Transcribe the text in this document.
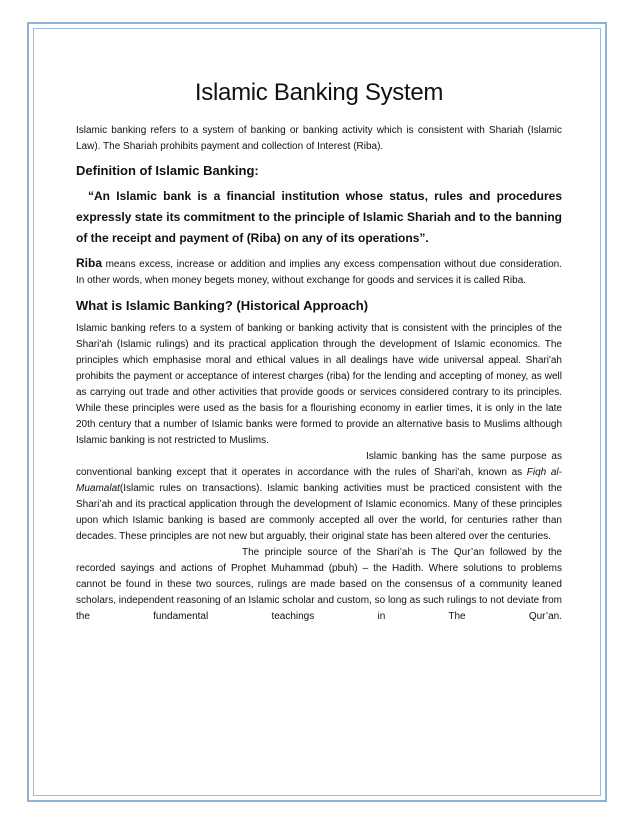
Islamic Banking System

Islamic banking refers to a system of banking or banking activity which is consistent with Shariah (Islamic Law). The Shariah prohibits payment and collection of Interest (Riba).

Definition of Islamic Banking:

“An Islamic bank is a financial institution whose status, rules and procedures expressly state its commitment to the principle of Islamic Shariah and to the banning of the receipt and payment of (Riba) on any of its operations”.

Riba means excess, increase or addition and implies any excess compensation without due consideration. In other words, when money begets money, without exchange for goods and services it is called Riba.

What is Islamic Banking? (Historical Approach)

Islamic banking refers to a system of banking or banking activity that is consistent with the principles of the Shari'ah (Islamic rulings) and its practical application through the development of Islamic economics. The principles which emphasise moral and ethical values in all dealings have wide universal appeal. Shari'ah prohibits the payment or acceptance of interest charges (riba) for the lending and accepting of money, as well as carrying out trade and other activities that provide goods or services considered contrary to its principles. While these principles were used as the basis for a flourishing economy in earlier times, it is only in the late 20th century that a number of Islamic banks were formed to provide an alternative basis to Muslims although Islamic banking is not restricted to Muslims.

Islamic banking has the same purpose as conventional banking except that it operates in accordance with the rules of Shari’ah, known as Fiqh al-Muamalat(Islamic rules on transactions). Islamic banking activities must be practiced consistent with the Shari’ah and its practical application through the development of Islamic economics. Many of these principles upon which Islamic banking is based are commonly accepted all over the world, for centuries rather than decades. These principles are not new but arguably, their original state has been altered over the centuries.

The principle source of the Shari’ah is The Qur’an followed by the recorded sayings and actions of Prophet Muhammad (pbuh) – the Hadith. Where solutions to problems cannot be found in these two sources, rulings are made based on the consensus of a community leaned scholars, independent reasoning of an Islamic scholar and custom, so long as such rulings to not deviate from the fundamental teachings in The Qur’an.
